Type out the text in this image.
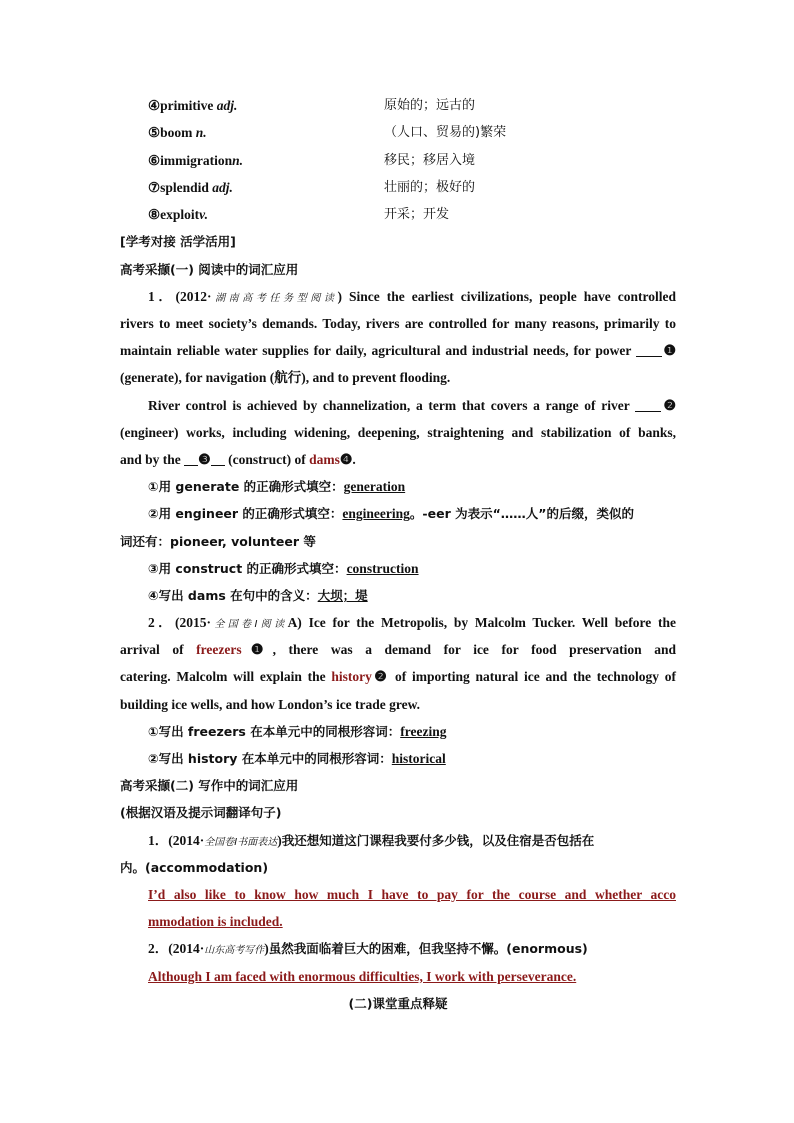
④primitive adj.	原始的；远古的
⑤boom n.	（人口、贸易的)繁荣
⑥immigrationn.	移民；移居入境
⑦splendid adj.	壮丽的；极好的
⑧exploitv.	开采；开发
[学考对接 活学活用]
高考采撷(一) 阅读中的词汇应用
1．(2012·湖南高考任务型阅读) Since the earliest civilizations, people have controlled
rivers to meet society’s demands. Today, rivers are controlled for many reasons, primarily to
maintain reliable water supplies for daily, agricultural and industrial needs, for power ❶
(generate), for navigation (航行), and to prevent flooding.
River control is achieved by channelization, a term that covers a range of river ❷
(engineer) works, including widening, deepening, straightening and stabilization of banks,
and by the ❸ (construct) of dams❹.
①用 generate 的正确形式填空：generation
②用 engineer 的正确形式填空：engineering。-eer 为表示“……人”的后缀，类似的
词还有：pioneer, volunteer 等
③用 construct 的正确形式填空：construction
④写出 dams 在句中的含义：大坝；堤
2．(2015·全国卷Ⅰ阅读A) Ice for the Metropolis, by Malcolm Tucker. Well before the
arrival of freezers❶, there was a demand for ice for food preservation and
catering. Malcolm will explain the history❷ of importing natural ice and the technology of
building ice wells, and how London’s ice trade grew.
①写出 freezers 在本单元中的同根形容词：freezing
②写出 history 在本单元中的同根形容词：historical
高考采撷(二) 写作中的词汇应用
(根据汉语及提示词翻译句子)
1．(2014·全国卷Ⅰ书面表达)我还想知道这门课程我要付多少钱，以及住宿是否包括在
内。(accommodation)
I’d also like to know how much I have to pay for the course and whether acco
mmodation is included.
2．(2014·山东高考写作)虽然我面临着巨大的困难，但我坚持不懈。(enormous)
Although I am faced with enormous difficulties, I work with perseverance.
(二)课堂重点释疑
